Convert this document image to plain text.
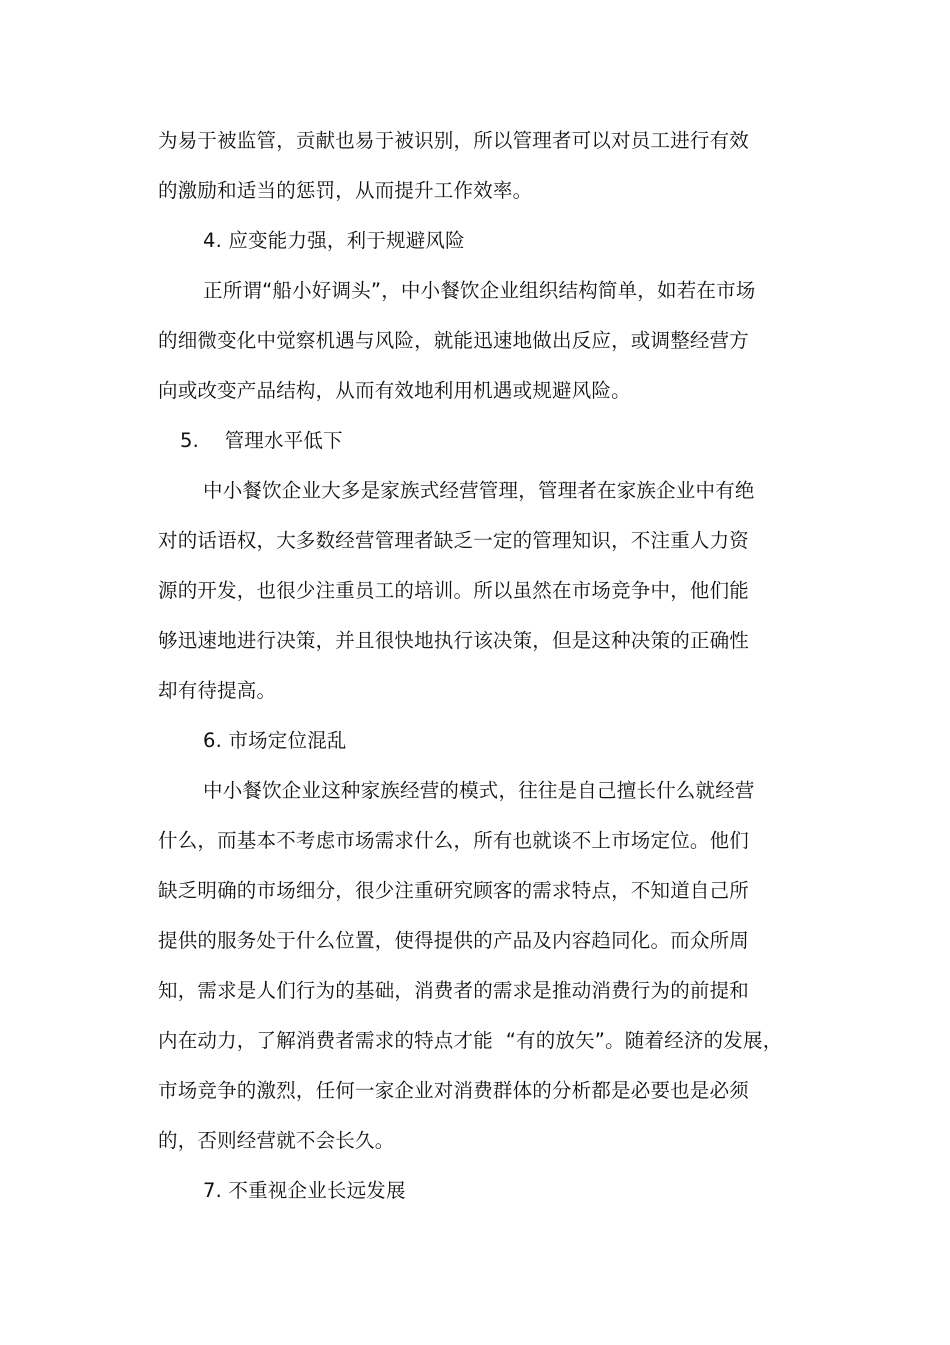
为易于被监管，贡献也易于被识别，所以管理者可以对员工进行有效
的激励和适当的惩罚，从而提升工作效率。
4. 应变能力强，利于规避风险
正所谓“船小好调头”，中小餐饮企业组织结构简单，如若在市场
的细微变化中觉察机遇与风险，就能迅速地做出反应，或调整经营方
向或改变产品结构，从而有效地利用机遇或规避风险。
5.    管理水平低下
中小餐饮企业大多是家族式经营管理，管理者在家族企业中有绝
对的话语权，大多数经营管理者缺乏一定的管理知识，不注重人力资
源的开发，也很少注重员工的培训。所以虽然在市场竞争中，他们能
够迅速地进行决策，并且很快地执行该决策，但是这种决策的正确性
却有待提高。
6. 市场定位混乱
中小餐饮企业这种家族经营的模式，往往是自己擅长什么就经营
什么，而基本不考虑市场需求什么，所有也就谈不上市场定位。他们
缺乏明确的市场细分，很少注重研究顾客的需求特点，不知道自己所
提供的服务处于什么位置，使得提供的产品及内容趋同化。而众所周
知，需求是人们行为的基础，消费者的需求是推动消费行为的前提和
内在动力，了解消费者需求的特点才能  “有的放矢”。随着经济的发展，
市场竞争的激烈，任何一家企业对消费群体的分析都是必要也是必须
的，否则经营就不会长久。
7. 不重视企业长远发展
